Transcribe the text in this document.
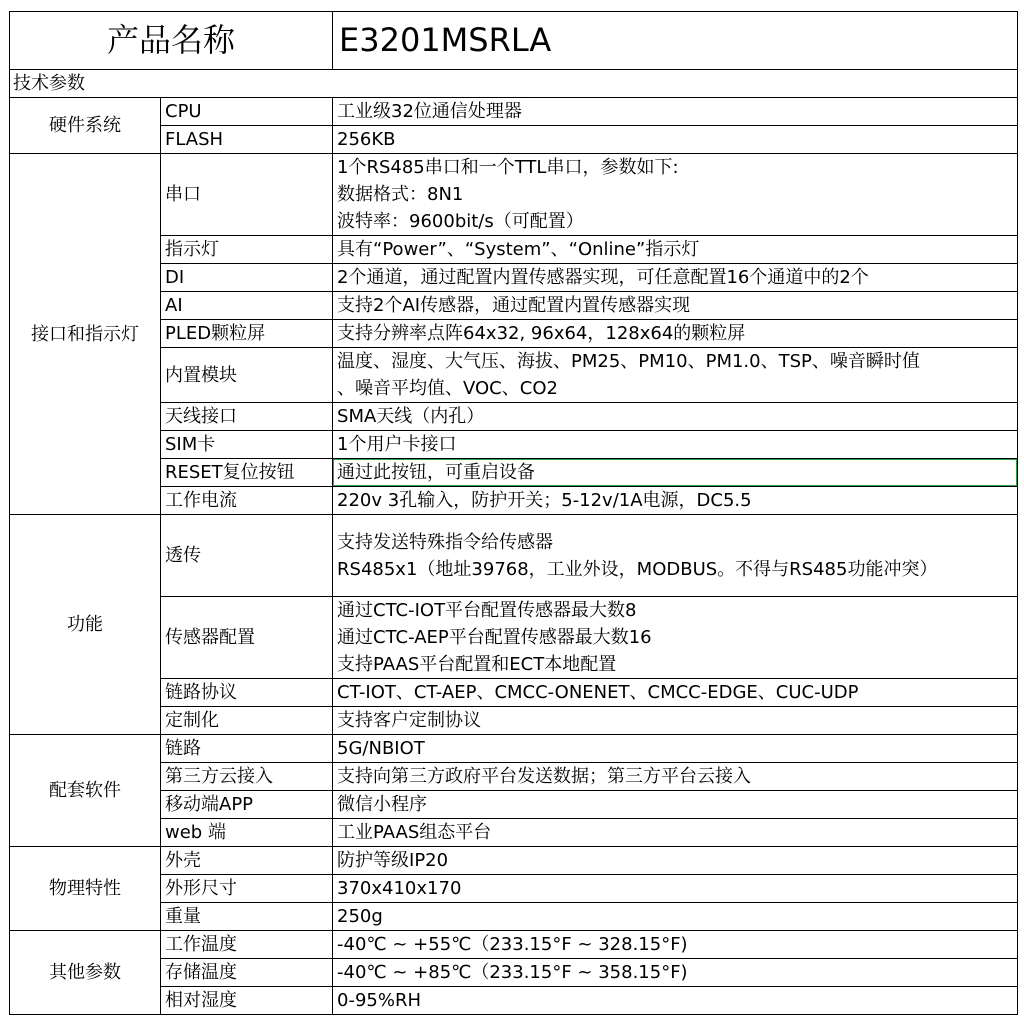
产品名称		E3201MSRLA
技术参数		
硬件系统	CPU	工业级32位通信处理器
	FLASH	256KB
接口和指示灯	串口	1个RS485串口和一个TTL串口，参数如下:
数据格式：8N1
波特率：9600bit/s（可配置）

	指示灯	具有“Power”、“System”、“Online”指示灯
	DI	2个通道，通过配置内置传感器实现，可任意配置16个通道中的2个
	AI	支持2个AI传感器，通过配置内置传感器实现
	PLED颗粒屏	支持分辨率点阵64x32, 96x64，128x64的颗粒屏
	内置模块	温度、湿度、大气压、海拔、PM25、PM10、PM1.0、TSP、噪音瞬时值
、噪音平均值、VOC、CO2

	天线接口	SMA天线（内孔）
	SIM卡	1个用户卡接口
	RESET复位按钮	通过此按钮，可重启设备
	工作电流	220v 3孔输入，防护开关；5-12v/1A电源，DC5.5
功能	透传	支持发送特殊指令给传感器
RS485x1（地址39768，工业外设，MODBUS。不得与RS485功能冲突）

	传感器配置	通过CTC-IOT平台配置传感器最大数8
通过CTC-AEP平台配置传感器最大数16
支持PAAS平台配置和ECT本地配置

	链路协议	CT-IOT、CT-AEP、CMCC-ONENET、CMCC-EDGE、CUC-UDP
	定制化	支持客户定制协议
配套软件	链路	5G/NBIOT
	第三方云接入	支持向第三方政府平台发送数据；第三方平台云接入
	移动端APP	微信小程序
	web 端	工业PAAS组态平台
物理特性	外壳	防护等级IP20
	外形尺寸	370x410x170
	重量	250g
其他参数	工作温度	-40℃ ~ +55℃（233.15°F ~ 328.15°F)
	存储温度	-40℃ ~ +85℃（233.15°F ~ 358.15°F)
	相对湿度	0-95%RH
